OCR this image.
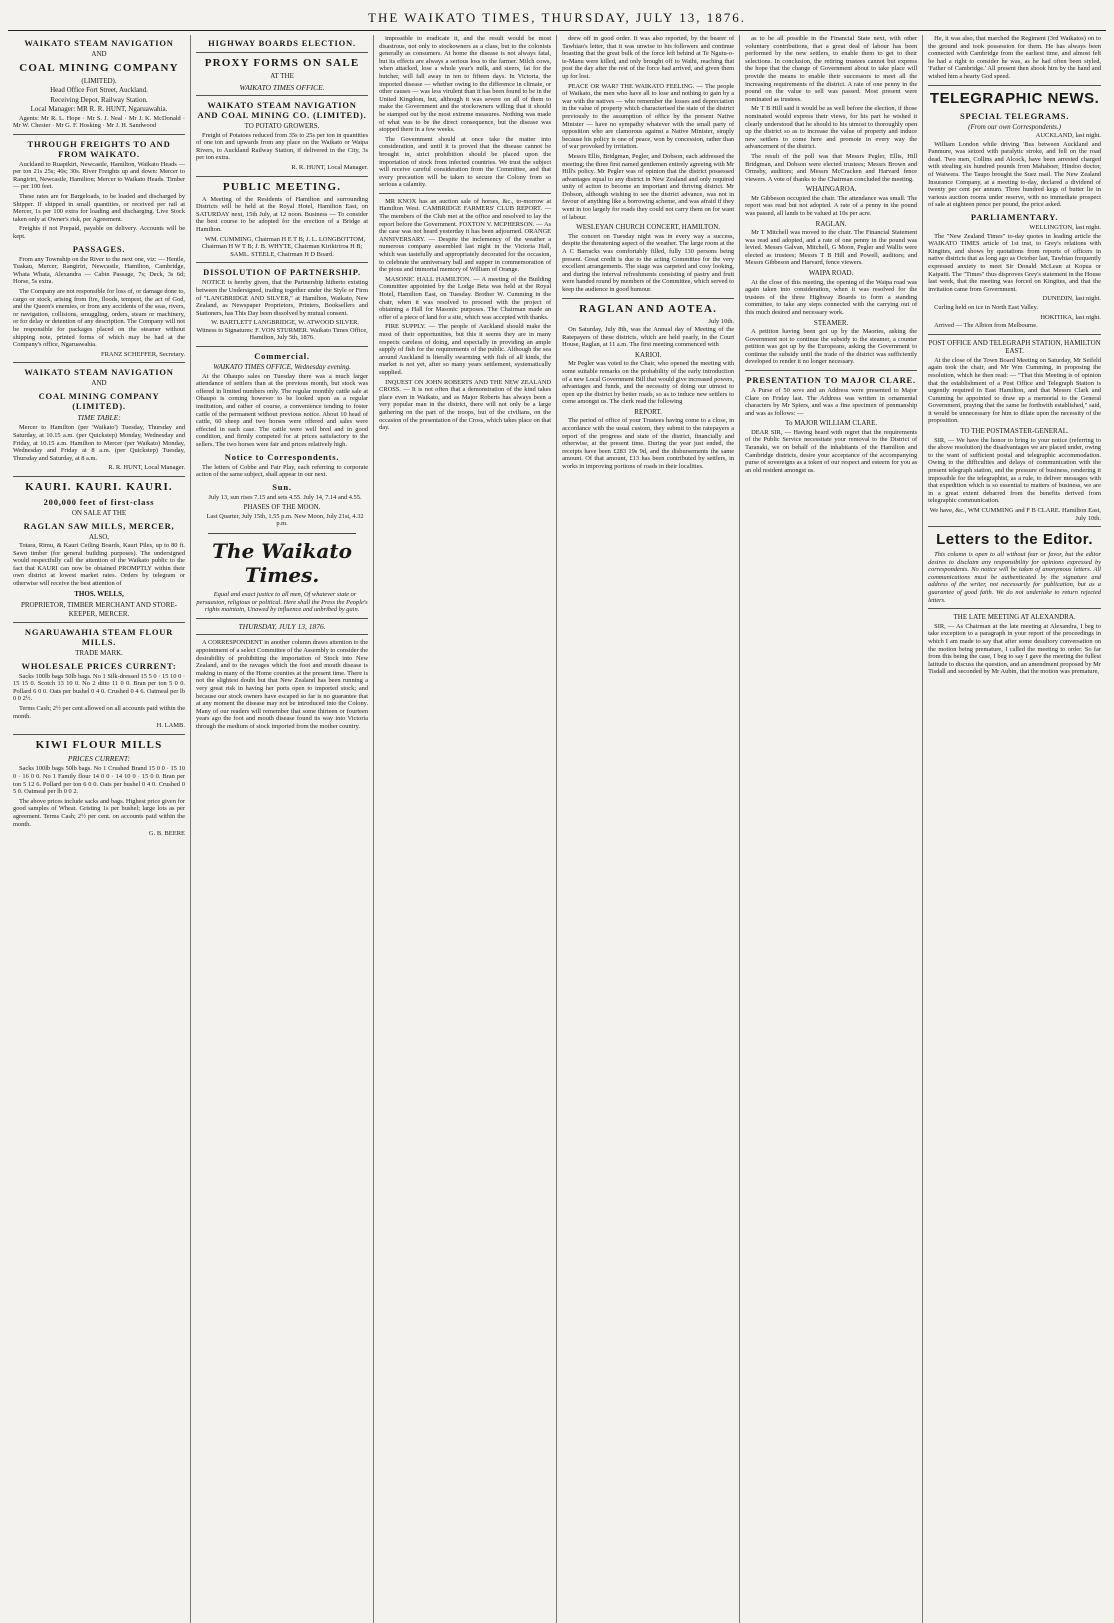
THE WAIKATO TIMES, THURSDAY, JULY 13, 1876.
WAIKATO STEAM NAVIGATION
AND
COAL MINING COMPANY
(LIMITED).
Head Office Fort Street, Auckland.
Receiving Depot, Railway Station.
Local Manager: MR R. R. HUNT, Ngaruawahia.

Agents: Mr R. L. Hope · Mr S. J. Neal · Mr J. K. McDonald · Mr W. Chester · Mr G. F. Hosking · Mr J. H. Sandwood

THROUGH FREIGHTS TO AND FROM WAIKATO.

Auckland to Ruapikiri, Newcastle, Hamilton, Waikato Heads — per ton 21s 25s; 40s; 30s. River Freights up and down: Mercer to Rangiriri, Newcastle, Hamilton; Mercer to Waikato Heads. Timber — per 100 feet.

These rates are for Bargeloads, to be loaded and discharged by Shipper. If shipped in small quantities, or received per rail at Mercer, 1s per 100 extra for loading and discharging. Live Stock taken only at Owner's risk, per Agreement.

Freights if not Prepaid, payable on delivery. Accounts will be kept.

PASSAGES.

From any Township on the River to the next one, viz: — Hentle, Tuakau, Mercer, Rangiriri, Newcastle, Hamilton, Cambridge, Whata Whata, Alexandra — Cabin Passage, 7s; Deck, 3s 6d; Horse, 5s extra.

The Company are not responsible for loss of, or damage done to, cargo or stock, arising from fire, floods, tempest, the act of God, and the Queen's enemies, or from any accidents of the seas, rivers, or navigation, collisions, smuggling, orders, steam or machinery, or for delay or detention of any description. The Company will not be responsible for packages placed on the steamer without shipping note, printed forms of which may be had at the Company's office, Ngaruawahia.

FRANZ SCHEFFER, Secretary.
WAIKATO STEAM NAVIGATION
AND
COAL MINING COMPANY (LIMITED).
TIME TABLE:

Mercer to Hamilton (per 'Waikato') Tuesday, Thursday and Saturday, at 10.15 a.m. (per Quickstep) Monday, Wednesday and Friday, at 10.15 a.m. Hamilton to Mercer (per Waikato) Monday, Wednesday and Friday at 8 a.m. (per Quickstep) Tuesday, Thursday and Saturday, at 8 a.m.

R. R. HUNT, Local Manager.
KAURI. KAURI. KAURI.
200,000 feet of first-class
ON SALE AT THE
RAGLAN SAW MILLS, MERCER,
ALSO,

Totara, Rimu, & Kauri Ceiling Boards, Kauri Piles, up to 80 ft. Sawn timber (for general building purposes). The undersigned would respectfully call the attention of the Waikato public to the fact that KAURI can now be obtained PROMPTLY within their own district at lowest market rates. Orders by telegram or otherwise will receive the best attention of

THOS. WELLS,
PROPRIETOR, TIMBER MERCHANT AND STORE-KEEPER, MERCER.
NGARUAWAHIA STEAM FLOUR MILLS.
TRADE MARK.
WHOLESALE PRICES CURRENT:

Sacks 100lb bags 50lb bags. No 1 Silk-dressed 15 5 0 · 15 10 0 · 15 15 0. Scotch 13 10 0. No 2 ditto 11 0 0. Bran per ton 5 0 0. Pollard 6 0 0. Oats per bushel 0 4 0. Crushed 0 4 6. Oatmeal per lb 0 0 2½.

Terms Cash; 2½ per cent allowed on all accounts paid within the month.

H. LAMB.
KIWI FLOUR MILLS
PRICES CURRENT:

Sacks 100lb bags 50lb bags. No 1 Crushed Brand 15 0 0 · 15 10 0 · 16 0 0. No 1 Family flour 14 0 0 · 14 10 0 · 15 0 0. Bran per ton 5 12 6. Pollard per ton 6 0 0. Oats per bushel 0 4 0. Crushed 0 5 0. Oatmeal per lb 0 0 2.

The above prices include sacks and bags. Highest price given for good samples of Wheat. Gristing 1s per bushel; large lots as per agreement. Terms Cash; 2½ per cent. on accounts paid within the month.

G. B. BEERE
HIGHWAY BOARDS ELECTION.
PROXY FORMS ON SALE
AT THE
WAIKATO TIMES OFFICE.
WAIKATO STEAM NAVIGATION AND COAL MINING CO. (LIMITED).
TO POTATO GROWERS.

Freight of Potatoes reduced from 35s to 25s per ton in quantities of one ton and upwards from any place on the Waikato or Waipa Rivers, to Auckland Railway Station, if delivered in the City, 3s per ton extra.

R. R. HUNT, Local Manager.
PUBLIC MEETING.

A Meeting of the Residents of Hamilton and surrounding Districts will be held at the Royal Hotel, Hamilton East, on SATURDAY next, 15th July, at 12 noon. Business — To consider the best course to be adopted for the erection of a Bridge at Hamilton.

WM. CUMMING, Chairman H E T B; J. L. LONGBOTTOM, Chairman H W T B; J. B. WHYTE, Chairman Kirikiriroa H B; SAML. STEELE, Chairman H D Board.

DISSOLUTION OF PARTNERSHIP.

NOTICE is hereby given, that the Partnership hitherto existing between the Undersigned, trading together under the Style or Firm of "LANGBRIDGE AND SILVER," at Hamilton, Waikato, New Zealand, as Newspaper Proprietors, Printers, Booksellers and Stationers, has This Day been dissolved by mutual consent.

W. BARTLETT LANGBRIDGE, W. ATWOOD SILVER. Witness to Signatures: F. VON STURMER. Waikato Times Office, Hamilton, July 5th, 1876.

Commercial.
WAIKATO TIMES OFFICE, Wednesday evening.

At the Ohaupo sales on Tuesday there was a much larger attendance of settlers than at the previous month, but stock was offered in limited numbers only. The regular monthly cattle sale at Ohaupo is coming however to be looked upon as a regular institution, and rather of course, a convenience tending to foster cattle of the permanent without previous notice. About 10 head of cattle, 60 sheep and two horses were offered and sales were effected in each case. The cattle were well bred and in good condition, and firmly competed for at prices satisfactory to the sellers. The two horses were fair and prices relatively high.

Notice to Correspondents.

The letters of Cobbe and Fair Play, each referring to corporate action of the same subject, shall appear in our next.

Sun.

July 13, sun rises 7.15 and sets 4.55. July 14, 7.14 and 4.55.

PHASES OF THE MOON.

Last Quarter, July 15th, 1.55 p.m. New Moon, July 21st, 4.32 p.m.

The Waikato Times.

Equal and exact justice to all men, Of whatever state or persuasion, religious or political. Here shall the Press the People's rights maintain, Unawed by influence and unbribed by gain.

THURSDAY, JULY 13, 1876.

A CORRESPONDENT in another column draws attention to the appointment of a select Committee of the Assembly to consider the desirability of prohibiting the importation of Stock into New Zealand, and to the ravages which the foot and mouth disease is making in many of the Home counties at the present time. There is not the slightest doubt but that New Zealand has been running a very great risk in having her ports open to imported stock; and because our stock owners have escaped so far is no guarantee that at any moment the disease may not be introduced into the Colony. Many of our readers will remember that some thirteen or fourteen years ago the foot and mouth disease found its way into Victoria through the medium of stock imported from the mother country.

impossible to eradicate it, and the result would be most disastrous, not only to stockowners as a class, but to the colonists generally as consumers. At home the disease is not always fatal, but its effects are always a serious loss to the farmer. Milch cows, when attacked, lose a whole year's milk, and steers, fat for the butcher, will fall away in ten to fifteen days. In Victoria, the imported disease — whether owing to the difference in climate, or other causes — was less virulent than it has been found to be in the United Kingdom, but, although it was severe on all of them to make the Government and the stockowners willing that it should be stamped out by the most extreme measures. Nothing was made of what was to be the direct consequence, but the disease was stopped there in a few weeks.

The Government should at once take the matter into consideration, and until it is proved that the disease cannot be brought in, strict prohibition should be placed upon the importation of stock from infected countries. We trust the subject will receive careful consideration from the Committee, and that every precaution will be taken to secure the Colony from so serious a calamity.

MR KNOX has an auction sale of horses, &c., to-morrow at Hamilton West. CAMBRIDGE FARMERS' CLUB REPORT. — The members of the Club met at the office and resolved to lay the report before the Government. FOXTON V. MCPHERSON. — As the case was not heard yesterday it has been adjourned. ORANGE ANNIVERSARY. — Despite the inclemency of the weather a numerous company assembled last night in the Victoria Hall, which was tastefully and appropriately decorated for the occasion, to celebrate the anniversary ball and supper in commemoration of the pious and immortal memory of William of Orange.

MASONIC HALL HAMILTON. — A meeting of the Building Committee appointed by the Lodge Beta was held at the Royal Hotel, Hamilton East, on Tuesday. Brother W. Cumming in the chair, when it was resolved to proceed with the project of obtaining a Hall for Masonic purposes. The Chairman made an offer of a piece of land for a site, which was accepted with thanks.

FIRE SUPPLY. — The people of Auckland should make the most of their opportunities, but this it seems they are in many respects careless of doing, and especially in providing an ample supply of fish for the requirements of the public. Although the sea around Auckland is literally swarming with fish of all kinds, the market is not yet, after so many years settlement, systematically supplied.

INQUEST ON JOHN ROBERTS AND THE NEW ZEALAND CROSS. — It is not often that a demonstration of the kind takes place even in Waikato, and as Major Roberts has always been a very popular man in the district, there will not only be a large gathering on the part of the troops, but of the civilians, on the occasion of the presentation of the Cross, which takes place on that day.

drew off in good order. It was also reported, by the bearer of Tawhiao's letter, that it was unwise to his followers and continue boasting that the great bulk of the force left behind at Te Ngutu-o-te-Manu were killed, and only brought off to Waihi, reaching that post the day after the rest of the force had arrived, and given them up for lost.

PEACE OR WAR? THE WAIKATO FEELING. — The people of Waikato, the men who have all to lose and nothing to gain by a war with the natives — who remember the losses and depreciation in the value of property which characterised the state of the district previously to the assumption of office by the present Native Minister — have no sympathy whatever with the small party of opposition who are clamorous against a Native Minister, simply because his policy is one of peace, won by concession, rather than of war provoked by irritation.

Messrs Ellis, Bridgman, Pegler, and Dobson, each addressed the meeting; the three first named gentlemen entirely agreeing with Mr Hill's policy. Mr Pegler was of opinion that the district possessed advantages equal to any district in New Zealand and only required unity of action to become an important and thriving district. Mr Dobson, although wishing to see the district advance, was not in favour of anything like a borrowing scheme, and was afraid if they went in too largely for roads they could not carry them on for want of labour.

WESLEYAN CHURCH CONCERT, HAMILTON.

The concert on Tuesday night was in every way a success, despite the threatening aspect of the weather. The large room at the A C Barracks was comfortably filled, fully 130 persons being present. Great credit is due to the acting Committee for the very excellent arrangements. The stage was carpeted and cosy looking, and during the interval refreshments consisting of pastry and fruit were handed round by members of the Committee, which served to keep the audience in good humour.

RAGLAN AND AOTEA.
July 10th.

On Saturday, July 8th, was the Annual day of Meeting of the Ratepayers of these districts, which are held yearly, in the Court House, Raglan, at 11 a.m. The first meeting commenced with

KARIOI.

Mr Pegler was voted to the Chair, who opened the meeting with some suitable remarks on the probability of the early introduction of a new Local Government Bill that would give increased powers, advantages and funds, and the necessity of doing our utmost to open up the district by better roads, so as to induce new settlers to come amongst us. The clerk read the following

REPORT.

The period of office of your Trustees having come to a close, in accordance with the usual custom, they submit to the ratepayers a report of the progress and state of the district, financially and otherwise, at the present time. During the year just ended, the receipts have been £283 19s 9d, and the disbursements the same amount. Of that amount, £13 has been contributed by settlers, in works in improving portions of roads in their localities.

as to be all possible in the Financial State next, with other voluntary contributions, that a great deal of labour has been performed by the new settlers, to enable them to get to their selections. In conclusion, the retiring trustees cannot but express the hope that the change of Government about to take place will provide the means to enable their successors to meet all the increasing requirements of the district. A rate of one penny in the pound on the value to sell was passed. Most present were nominated as trustees.

Mr T B Hill said it would be as well before the election, if those nominated would express their views, for his part he wished it clearly understood that he should to his utmost to thoroughly open up the district so as to increase the value of property and induce new settlers to come here and promote in every way the advancement of the district.

The result of the poll was that Messrs Pegler, Ellis, Hill Bridgman, and Dobson were elected trustees; Messrs Brown and Ormsby, auditors; and Messrs McCracken and Harvard fence viewers. A vote of thanks to the Chairman concluded the meeting.

WHAINGAROA.

Mr Gibbeson occupied the chair. The attendance was small. The report was read but not adopted. A rate of a penny in the pound was passed, all lands to be valued at 10s per acre.

RAGLAN.

Mr T Mitchell was moved to the chair. The Financial Statement was read and adopted, and a rate of one penny in the pound was levied. Messrs Galvan, Mitchell, G Moon, Pegler and Wallis were elected as trustees; Messrs T B Hill and Powell, auditors; and Messrs Gibbeson and Harvard, fence viewers.

WAIPA ROAD.

At the close of this meeting, the opening of the Waipa road was again taken into consideration, when it was resolved for the trustees of the three Highway Boards to form a standing committee, to take any steps connected with the carrying out of this much desired and necessary work.

STEAMER.

A petition having been got up by the Maories, asking the Government not to continue the subsidy to the steamer, a counter petition was got up by the Europeans, asking the Government to continue the subsidy until the trade of the district was sufficiently developed to render it no longer necessary.

PRESENTATION TO MAJOR CLARE.

A Purse of 50 sovs and an Address were presented to Major Clare on Friday last. The Address was written in ornamental characters by Mr Spiers, and was a fine specimen of penmanship and was as follows: —

To MAJOR WILLIAM CLARE.

DEAR SIR, — Having heard with regret that the requirements of the Public Service necessitate your removal to the District of Taranaki, we on behalf of the inhabitants of the Hamilton and Cambridge districts, desire your acceptance of the accompanying purse of sovereigns as a token of our respect and esteem for you as an old resident amongst us.

He, it was also, that marched the Regiment (3rd Waikatos) on to the ground and took possession for them. He has always been connected with Cambridge from the earliest time, and almost felt he had a right to consider he was, as he had often been styled, 'Father of Cambridge.' All present then shook him by the hand and wished him a hearty God speed.

TELEGRAPHIC NEWS.
SPECIAL TELEGRAMS.
(From our own Correspondents.)
AUCKLAND, last night.

William London while driving 'Bus between Auckland and Panmure, was seized with paralytic stroke, and fell on the road dead. Two men, Collins and Alcock, have been arrested charged with stealing six hundred pounds from Mahaboer, Hindoo doctor, of Waiwera. The Taupo brought the Suez mail. The New Zealand Insurance Company, at a meeting to-day, declared a dividend of twenty per cent per annum. Three hundred kegs of butter lie in various auction rooms under reserve, with no immediate prospect of sale at eighteen pence per pound, the price asked.

PARLIAMENTARY.
WELLINGTON, last night.

The "New Zealand Times" to-day quotes in leading article the WAIKATO TIMES article of 1st inst, to Grey's relations with Kingites, and shows by quotations from reports of officers in native districts that as long ago as October last, Tawhiao frequently expressed anxiety to meet Sir Donald McLean at Kopua or Kaipaiti. The "Times" thus disproves Grey's statement in the House last week, that the meeting was forced on Kingites, and that the invitation came from Government.

DUNEDIN, last night.

Curling held on ice in North East Valley.

HOKITIKA, last night.

Arrived — The Albion from Melbourne.

POST OFFICE AND TELEGRAPH STATION, HAMILTON EAST.

At the close of the Town Board Meeting on Saturday, Mr Seifeld again took the chair, and Mr Wm Cumming, in proposing the resolution, which he then read: — "That this Meeting is of opinion that the establishment of a Post Office and Telegraph Station is urgently required in East Hamilton, and that Messrs Clark and Cumming be appointed to draw up a memorial to the General Government, praying that the same be forthwith established," said, it would be unnecessary for him to dilate upon the necessity of the proposition.

TO THE POSTMASTER-GENERAL.

SIR, — We have the honor to bring to your notice (referring to the above resolution) the disadvantages we are placed under, owing to the want of sufficient postal and telegraphic accommodation. Owing to the difficulties and delays of communication with the present telegraph station, and the pressure of business, rendering it impossible for the telegraphist, as a rule, to deliver messages with that expedition which is so essential to matters of business, we are in a great extent debarred from the benefits derived from telegraphic communication.

We have, &c., WM CUMMING and F B CLARE. Hamilton East, July 10th.
Letters to the Editor.

This column is open to all without fear or favor, but the editor desires to disclaim any responsibility for opinions expressed by correspondents. No notice will be taken of anonymous letters. All communications must be authenticated by the signature and address of the writer, not necessarily for publication, but as a guarantee of good faith. We do not undertake to return rejected letters.

THE LATE MEETING AT ALEXANDRA.

SIR, — As Chairman at the late meeting at Alexandra, I beg to take exception to a paragraph in your report of the proceedings in which I am made to say that after some desultory conversation on the motion being premature, I called the meeting to order. So far from this being the case, I beg to say I gave the meeting the fullest latitude to discuss the question, and an amendment proposed by Mr Tisdall and seconded by Mr Aubin, that the motion was premature,
